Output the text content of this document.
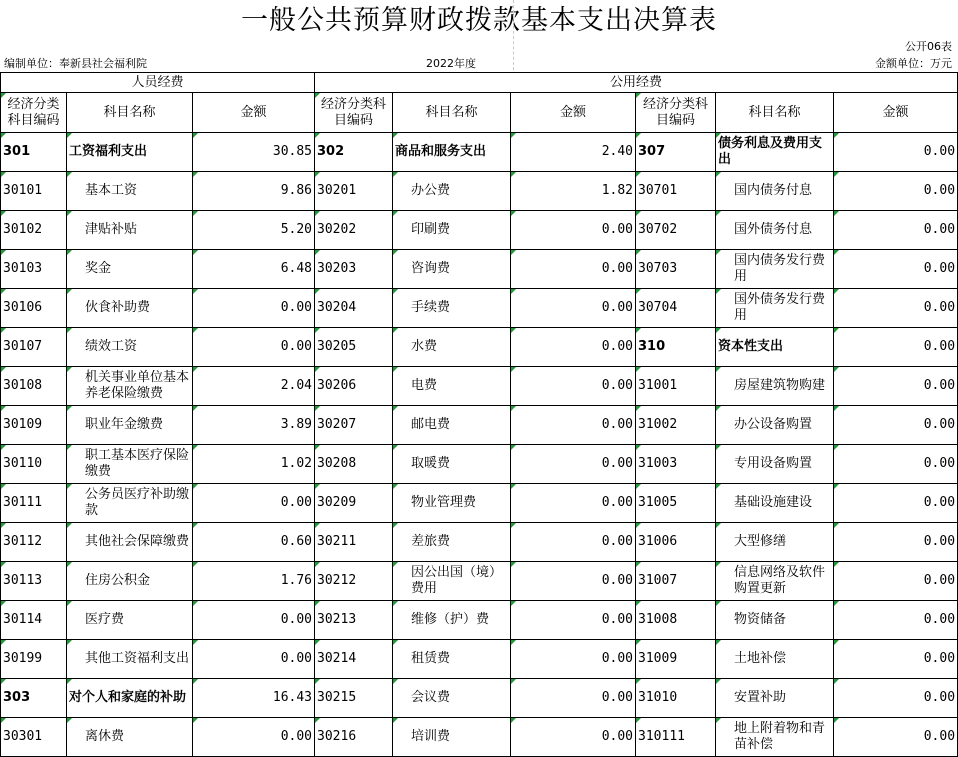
一般公共预算财政拨款基本支出决算表
公开06表
编制单位：奉新县社会福利院	2022年度	金额单位：万元
人员经费			公用经费					
经济分类科目编码	科目名称	金额	经济分类科目编码	科目名称	金额	经济分类科目编码	科目名称	金额
301	工资福利支出	30.85	302	商品和服务支出	2.40	307	债务利息及费用支出	0.00
30101	基本工资	9.86	30201	办公费	1.82	30701	国内债务付息	0.00
30102	津贴补贴	5.20	30202	印刷费	0.00	30702	国外债务付息	0.00
30103	奖金	6.48	30203	咨询费	0.00	30703	国内债务发行费用	0.00
30106	伙食补助费	0.00	30204	手续费	0.00	30704	国外债务发行费用	0.00
30107	绩效工资	0.00	30205	水费	0.00	310	资本性支出	0.00
30108	机关事业单位基本养老保险缴费	2.04	30206	电费	0.00	31001	房屋建筑物购建	0.00
30109	职业年金缴费	3.89	30207	邮电费	0.00	31002	办公设备购置	0.00
30110	职工基本医疗保险缴费	1.02	30208	取暖费	0.00	31003	专用设备购置	0.00
30111	公务员医疗补助缴款	0.00	30209	物业管理费	0.00	31005	基础设施建设	0.00
30112	其他社会保障缴费	0.60	30211	差旅费	0.00	31006	大型修缮	0.00
30113	住房公积金	1.76	30212	因公出国（境）费用	0.00	31007	信息网络及软件购置更新	0.00
30114	医疗费	0.00	30213	维修（护）费	0.00	31008	物资储备	0.00
30199	其他工资福利支出	0.00	30214	租赁费	0.00	31009	土地补偿	0.00
303	对个人和家庭的补助	16.43	30215	会议费	0.00	31010	安置补助	0.00
30301	离休费	0.00	30216	培训费	0.00	310111	地上附着物和青苗补偿	0.00
